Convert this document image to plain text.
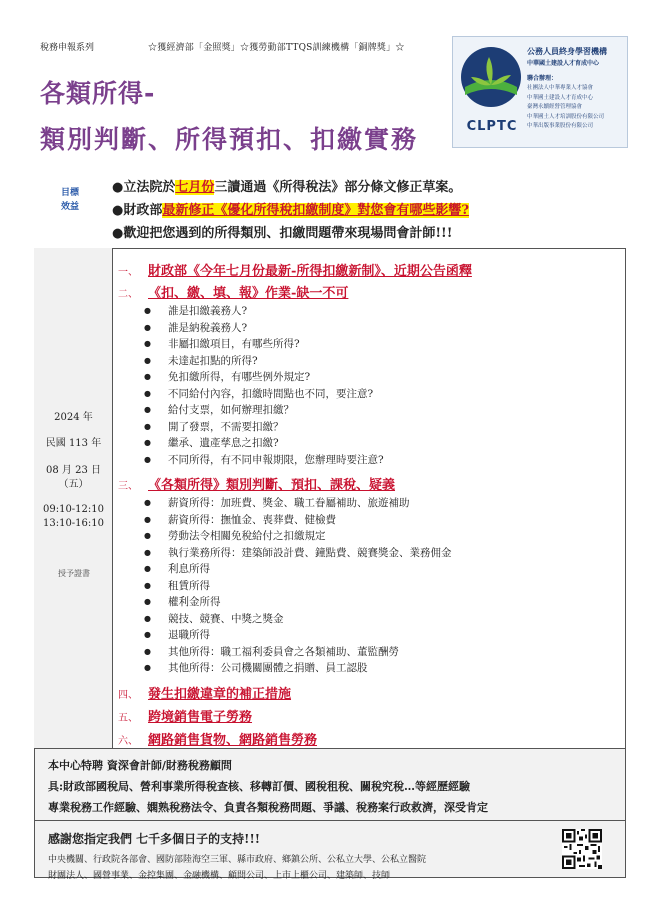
稅務申報系列	☆獲經濟部「金照獎」☆獲勞動部TTQS訓練機構「銅牌獎」☆
各類所得-
類別判斷、所得預扣、扣繳實務	CLPTC
公務人員終身學習機構
中華國土建設人才育成中心
聯合辦理：
社團法人中華專業人才協會
中華國土建設人才育成中心
臺灣永續經營管理協會
中華國土人才培訓股份有限公司
中華出版事業股份有限公司
目標
效益
●立法院於七月份三讀通過《所得稅法》部分條文修正草案。
●財政部最新修正《優化所得稅扣繳制度》對您會有哪些影響?
●歡迎把您遇到的所得類別、扣繳問題帶來現場問會計師!!!
2024 年
民國 113 年
08 月 23 日
（五）
09:10-12:10
13:10-16:10
授予證書
一、 財政部《今年七月份最新-所得扣繳新制》、近期公告函釋
二、 《扣、繳、填、報》作業-缺一不可
● 誰是扣繳義務人?
● 誰是納稅義務人?
● 非屬扣繳項目，有哪些所得?
● 未達起扣點的所得?
● 免扣繳所得，有哪些例外規定?
● 不同給付內容，扣繳時間點也不同，要注意?
● 給付支票，如何辦理扣繳？
● 開了發票，不需要扣繳？
● 繼承、遺產孳息之扣繳?
● 不同所得，有不同申報期限，您辦理時要注意?
三、 《各類所得》類別判斷、預扣、課稅、疑義
● 薪資所得：加班費、獎金、職工眷屬補助、旅遊補助
● 薪資所得：撫恤金、喪葬費、健檢費
● 勞動法令相關免稅給付之扣繳規定
● 執行業務所得：建築師設計費、鐘點費、競賽獎金、業務佣金
● 利息所得
● 租賃所得
● 權利金所得
● 競技、競賽、中獎之獎金
● 退職所得
● 其他所得：職工福利委員會之各類補助、董監酬勞
● 其他所得：公司機關團體之捐贈、員工認股
四、 發生扣繳違章的補正措施
五、 跨境銷售電子勞務
六、 網路銷售貨物、網路銷售勞務
本中心特聘 資深會計師/財務稅務顧問
具:財政部國稅局、營利事業所得稅查核、移轉訂價、國稅租稅、關稅究稅…等經歷經驗
專業稅務工作經驗、嫻熟稅務法令、負責各類稅務問題、爭議、稅務案行政救濟，深受肯定
感謝您指定我們 七千多個日子的支持!!!
中央機關、行政院各部會、國防部陸海空三軍、縣市政府、鄉鎮公所、公私立大學、公私立醫院
財團法人、國營事業、金控集團、金融機構、顧問公司、上市上櫃公司、建築師、技師
